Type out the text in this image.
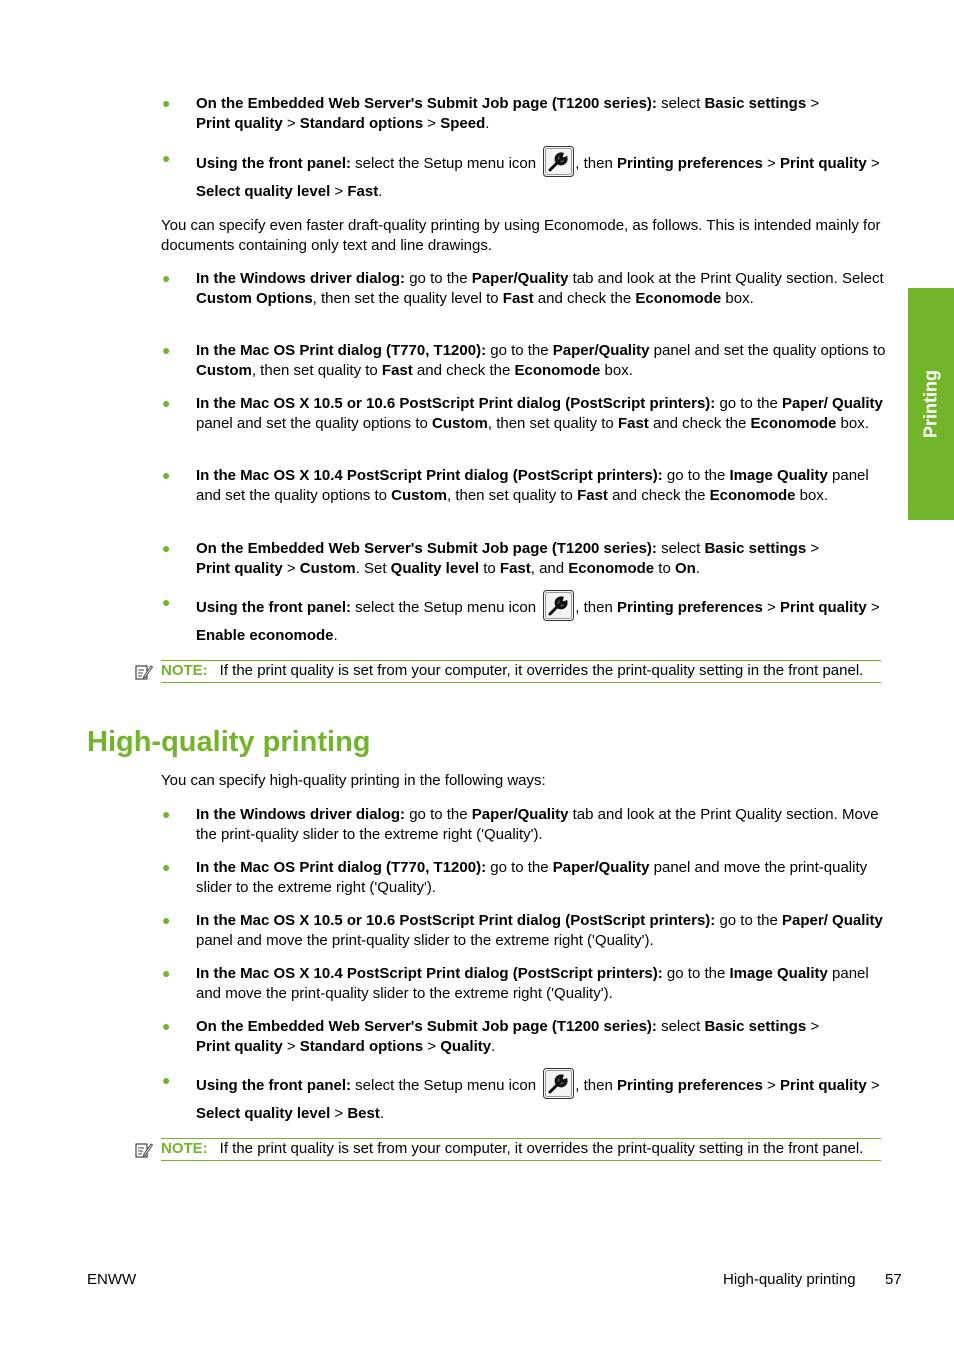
Printing
● On the Embedded Web Server's Submit Job page (T1200 series): select Basic settings >
Print quality > Standard options > Speed.
● Using the front panel: select the Setup menu icon , then Printing preferences > Print quality > Select quality level > Fast.
You can specify even faster draft-quality printing by using Economode, as follows. This is intended mainly for documents containing only text and line drawings.
● In the Windows driver dialog: go to the Paper/Quality tab and look at the Print Quality section. Select Custom Options, then set the quality level to Fast and check the Economode box.
● In the Mac OS Print dialog (T770, T1200): go to the Paper/Quality panel and set the quality options to Custom, then set quality to Fast and check the Economode box.
● In the Mac OS X 10.5 or 10.6 PostScript Print dialog (PostScript printers): go to the Paper/ Quality panel and set the quality options to Custom, then set quality to Fast and check the Economode box.
● In the Mac OS X 10.4 PostScript Print dialog (PostScript printers): go to the Image Quality panel and set the quality options to Custom, then set quality to Fast and check the Economode box.
● On the Embedded Web Server's Submit Job page (T1200 series): select Basic settings >
Print quality > Custom. Set Quality level to Fast, and Economode to On.
● Using the front panel: select the Setup menu icon , then Printing preferences > Print quality > Enable economode.
NOTE: If the print quality is set from your computer, it overrides the print-quality setting in the front panel.
High-quality printing
You can specify high-quality printing in the following ways:
● In the Windows driver dialog: go to the Paper/Quality tab and look at the Print Quality section. Move the print-quality slider to the extreme right ('Quality').
● In the Mac OS Print dialog (T770, T1200): go to the Paper/Quality panel and move the print-quality slider to the extreme right ('Quality').
● In the Mac OS X 10.5 or 10.6 PostScript Print dialog (PostScript printers): go to the Paper/ Quality panel and move the print-quality slider to the extreme right ('Quality').
● In the Mac OS X 10.4 PostScript Print dialog (PostScript printers): go to the Image Quality panel and move the print-quality slider to the extreme right ('Quality').
● On the Embedded Web Server's Submit Job page (T1200 series): select Basic settings >
Print quality > Standard options > Quality.
● Using the front panel: select the Setup menu icon , then Printing preferences > Print quality > Select quality level > Best.
NOTE: If the print quality is set from your computer, it overrides the print-quality setting in the front panel.
ENWW	High-quality printing 57
